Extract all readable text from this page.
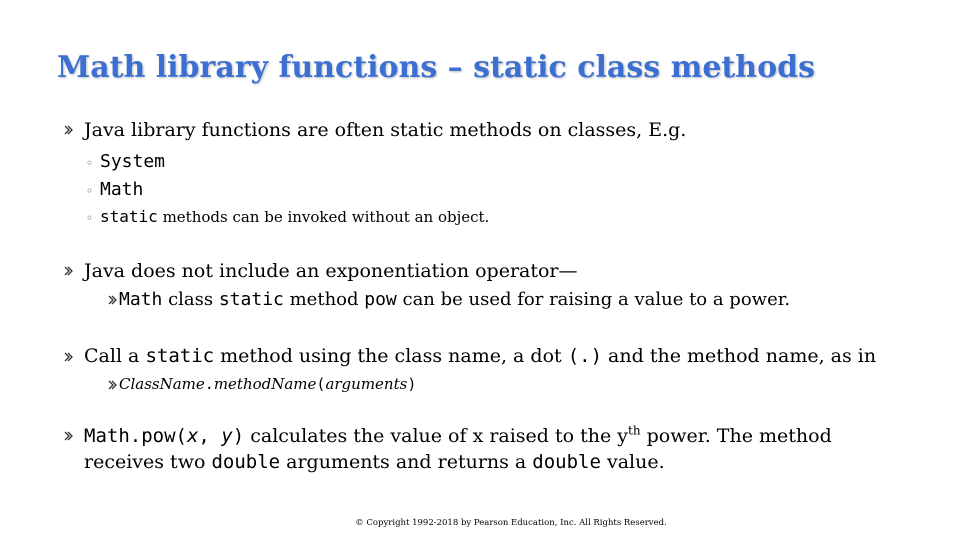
Math library functions – static class methods
Java library functions are often static methods on classes, E.g.
◦ System
◦ Math
◦ static methods can be invoked without an object.
Java does not include an exponentiation operator—
Math class static method pow can be used for raising a value to a power.
Call a static method using the class name, a dot (.) and the method name, as in
ClassName.methodName(arguments)
Math.pow(x, y) calculates the value of x raised to the $y^{th}$ power. The method
receives two double arguments and returns a double value.
© Copyright 1992-2018 by Pearson Education, Inc. All Rights Reserved.
